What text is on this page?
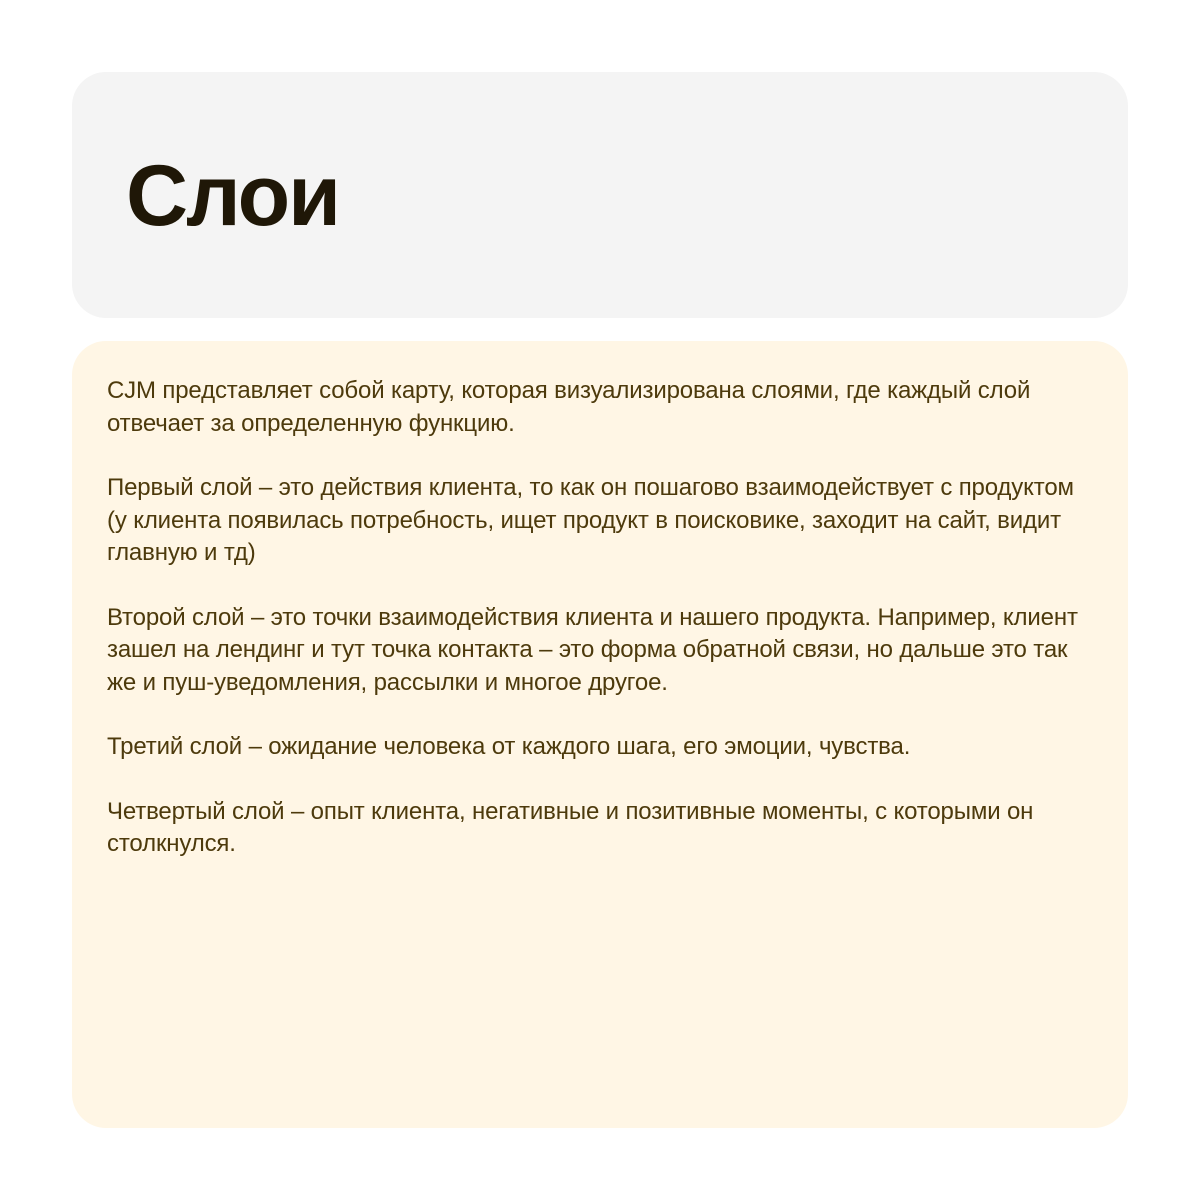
Слои

CJM представляет собой карту, которая визуализирована слоями, где каждый слой отвечает за определенную функцию.

Первый слой – это действия клиента, то как он пошагово взаимодействует с продуктом (у клиента появилась потребность, ищет продукт в поисковике, заходит на сайт, видит главную и тд)

Второй слой – это точки взаимодействия клиента и нашего продукта. Например, клиент зашел на лендинг и тут точка контакта – это форма обратной связи, но дальше это так же и пуш-уведомления, рассылки и многое другое.

Третий слой – ожидание человека от каждого шага, его эмоции, чувства.

Четвертый слой – опыт клиента, негативные и позитивные моменты, с которыми он столкнулся.
